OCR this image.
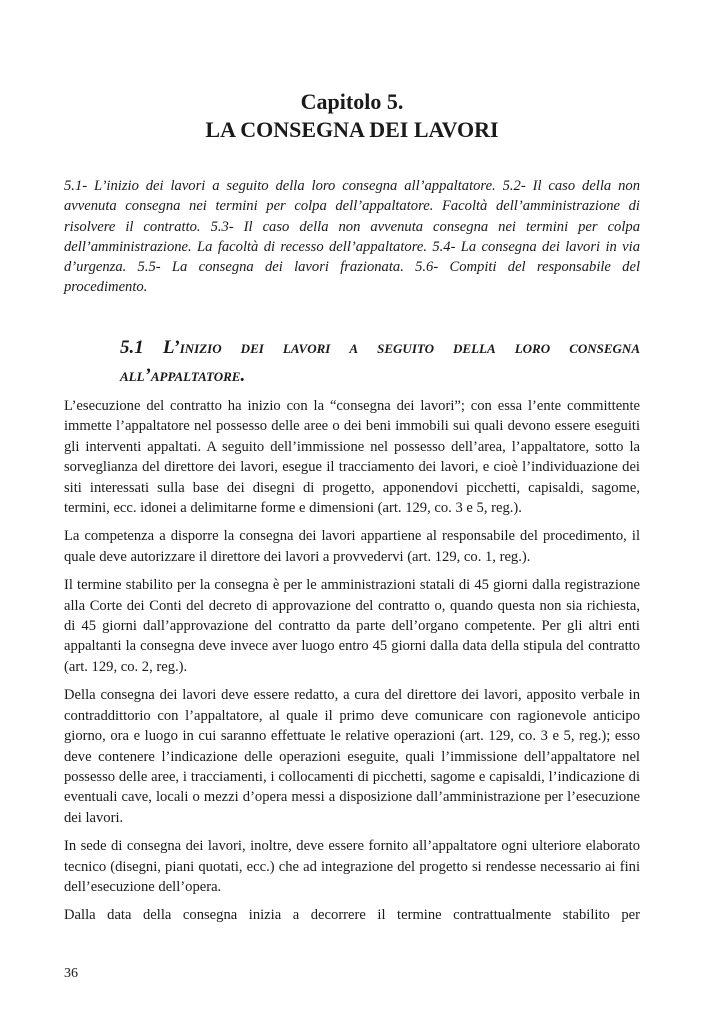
Capitolo 5.

LA CONSEGNA DEI LAVORI

5.1- L’inizio dei lavori a seguito della loro consegna all’appaltatore. 5.2- Il caso della non avvenuta consegna nei termini per colpa dell’appaltatore. Facoltà dell’amministrazione di risolvere il contratto. 5.3- Il caso della non avvenuta consegna nei termini per colpa dell’amministrazione. La facoltà di recesso dell’appaltatore. 5.4- La consegna dei lavori in via d’urgenza. 5.5- La consegna dei lavori frazionata. 5.6- Compiti del responsabile del procedimento.

5.1 L’inizio dei lavori a seguito della loro consegna all’appaltatore.

L’esecuzione del contratto ha inizio con la “consegna dei lavori”; con essa l’ente committente immette l’appaltatore nel possesso delle aree o dei beni immobili sui quali devono essere eseguiti gli interventi appaltati. A seguito dell’immissione nel possesso dell’area, l’appaltatore, sotto la sorveglianza del direttore dei lavori, esegue il tracciamento dei lavori, e cioè l’individuazione dei siti interessati sulla base dei disegni di progetto, apponendovi picchetti, capisaldi, sagome, termini, ecc. idonei a delimitarne forme e dimensioni (art. 129, co. 3 e 5, reg.).

La competenza a disporre la consegna dei lavori appartiene al responsabile del procedimento, il quale deve autorizzare il direttore dei lavori a provvedervi (art. 129, co. 1, reg.).

Il termine stabilito per la consegna è per le amministrazioni statali di 45 giorni dalla registrazione alla Corte dei Conti del decreto di approvazione del contratto o, quando questa non sia richiesta, di 45 giorni dall’approvazione del contratto da parte dell’organo competente. Per gli altri enti appaltanti la consegna deve invece aver luogo entro 45 giorni dalla data della stipula del contratto (art. 129, co. 2, reg.).

Della consegna dei lavori deve essere redatto, a cura del direttore dei lavori, apposito verbale in contraddittorio con l’appaltatore, al quale il primo deve comunicare con ragionevole anticipo giorno, ora e luogo in cui saranno effettuate le relative operazioni (art. 129, co. 3 e 5, reg.); esso deve contenere l’indicazione delle operazioni eseguite, quali l’immissione dell’appaltatore nel possesso delle aree, i tracciamenti, i collocamenti di picchetti, sagome e capisaldi, l’indicazione di eventuali cave, locali o mezzi d’opera messi a disposizione dall’amministrazione per l’esecuzione dei lavori.

In sede di consegna dei lavori, inoltre, deve essere fornito all’appaltatore ogni ulteriore elaborato tecnico (disegni, piani quotati, ecc.) che ad integrazione del progetto si rendesse necessario ai fini dell’esecuzione dell’opera.

Dalla data della consegna inizia a decorrere il termine contrattualmente stabilito per

36
